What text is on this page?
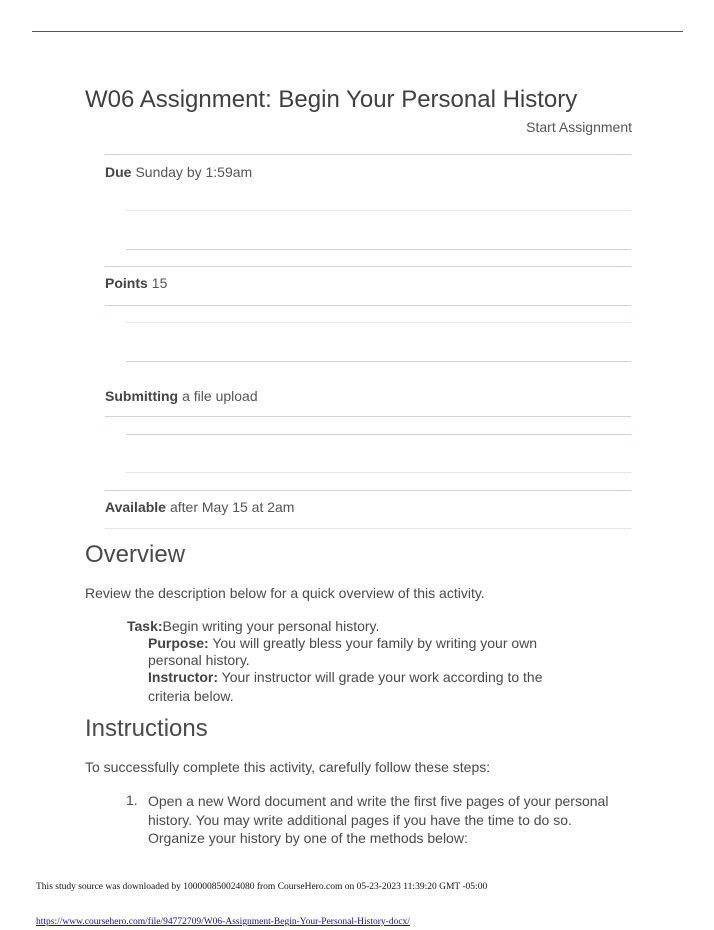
W06 Assignment: Begin Your Personal History
Start Assignment
Due Sunday by 1:59am
Points 15
Submitting a file upload
Available after May 15 at 2am
Overview
Review the description below for a quick overview of this activity.
Task:Begin writing your personal history.
Purpose: You will greatly bless your family by writing your own
personal history.
Instructor: Your instructor will grade your work according to the
criteria below.
Instructions
To successfully complete this activity, carefully follow these steps:
1. Open a new Word document and write the first five pages of your personal history. You may write additional pages if you have the time to do so. Organize your history by one of the methods below:
This study source was downloaded by 100000850024080 from CourseHero.com on 05-23-2023 11:39:20 GMT -05:00
https://www.coursehero.com/file/94772709/W06-Assignment-Begin-Your-Personal-History-docx/
